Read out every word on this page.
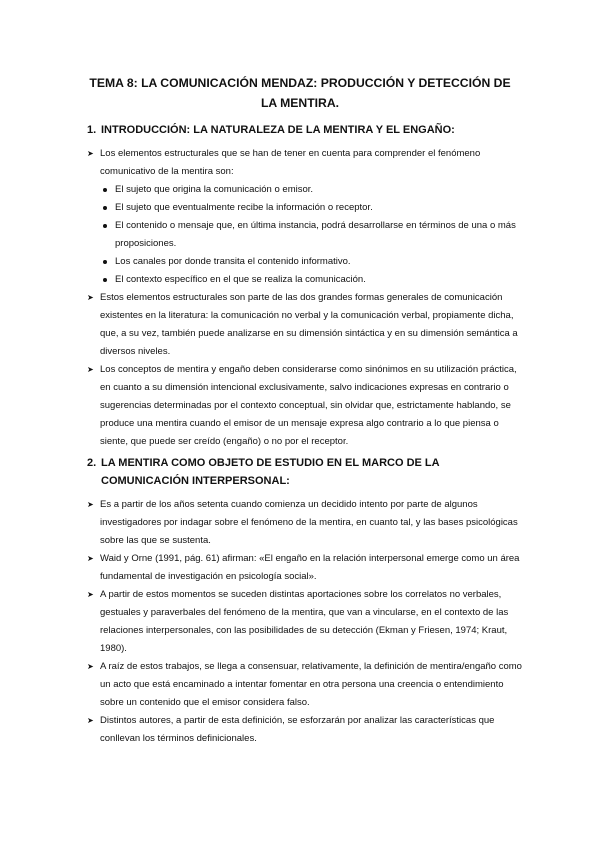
TEMA 8: LA COMUNICACIÓN MENDAZ: PRODUCCIÓN Y DETECCIÓN DE LA MENTIRA.
1. INTRODUCCIÓN: LA NATURALEZA DE LA MENTIRA Y EL ENGAÑO:
➤
Los elementos estructurales que se han de tener en cuenta para comprender el fenómeno comunicativo de la mentira son:
El sujeto que origina la comunicación o emisor.
El sujeto que eventualmente recibe la información o receptor.
El contenido o mensaje que, en última instancia, podrá desarrollarse en términos de una o más proposiciones.
Los canales por donde transita el contenido informativo.
El contexto específico en el que se realiza la comunicación.
➤
Estos elementos estructurales son parte de las dos grandes formas generales de comunicación existentes en la literatura: la comunicación no verbal y la comunicación verbal, propiamente dicha, que, a su vez, también puede analizarse en su dimensión sintáctica y en su dimensión semántica a diversos niveles.
➤
Los conceptos de mentira y engaño deben considerarse como sinónimos en su utilización práctica, en cuanto a su dimensión intencional exclusivamente, salvo indicaciones expresas en contrario o sugerencias determinadas por el contexto conceptual, sin olvidar que, estrictamente hablando, se produce una mentira cuando el emisor de un mensaje expresa algo contrario a lo que piensa o siente, que puede ser creído (engaño) o no por el receptor.
2. LA MENTIRA COMO OBJETO DE ESTUDIO EN EL MARCO DE LA COMUNICACIÓN INTERPERSONAL:
➤
Es a partir de los años setenta cuando comienza un decidido intento por parte de algunos investigadores por indagar sobre el fenómeno de la mentira, en cuanto tal, y las bases psicológicas sobre las que se sustenta.
➤
Waid y Orne (1991, pág. 61) afirman: «El engaño en la relación interpersonal emerge como un área fundamental de investigación en psicología social».
➤
A partir de estos momentos se suceden distintas aportaciones sobre los correlatos no verbales, gestuales y paraverbales del fenómeno de la mentira, que van a vincularse, en el contexto de las relaciones interpersonales, con las posibilidades de su detección (Ekman y Friesen, 1974; Kraut, 1980).
➤
A raíz de estos trabajos, se llega a consensuar, relativamente, la definición de mentira/engaño como un acto que está encaminado a intentar fomentar en otra persona una creencia o entendimiento sobre un contenido que el emisor considera falso.
➤
Distintos autores, a partir de esta definición, se esforzarán por analizar las características que conllevan los términos definicionales.
